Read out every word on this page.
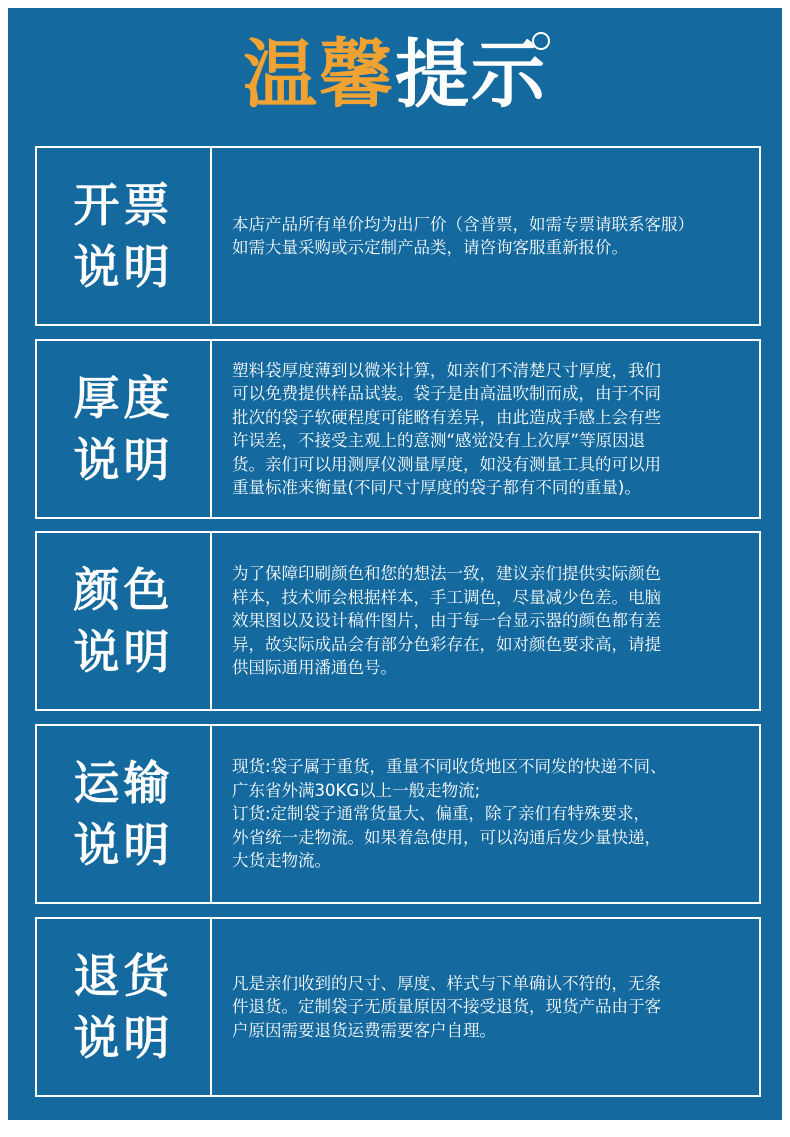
温馨提示
开票
说明

本店产品所有单价均为出厂价（含普票，如需专票请联系客服）
如需大量采购或示定制产品类，请咨询客服重新报价。

厚度
说明

塑料袋厚度薄到以微米计算，如亲们不清楚尺寸厚度，我们
可以免费提供样品试装。袋子是由高温吹制而成，由于不同
批次的袋子软硬程度可能略有差异，由此造成手感上会有些
许误差，不接受主观上的意测“感觉没有上次厚”等原因退
货。亲们可以用测厚仪测量厚度，如没有测量工具的可以用
重量标准来衡量(不同尺寸厚度的袋子都有不同的重量)。

颜色
说明

为了保障印刷颜色和您的想法一致，建议亲们提供实际颜色
样本，技术师会根据样本，手工调色，尽量减少色差。电脑
效果图以及设计稿件图片，由于每一台显示器的颜色都有差
异，故实际成品会有部分色彩存在，如对颜色要求高，请提
供国际通用潘通色号。

运输
说明

现货:袋子属于重货，重量不同收货地区不同发的快递不同、
广东省外满30KG以上一般走物流;
订货:定制袋子通常货量大、偏重，除了亲们有特殊要求，
外省统一走物流。如果着急使用，可以沟通后发少量快递，
大货走物流。

退货
说明

凡是亲们收到的尺寸、厚度、样式与下单确认不符的，无条
件退货。定制袋子无质量原因不接受退货，现货产品由于客
户原因需要退货运费需要客户自理。
